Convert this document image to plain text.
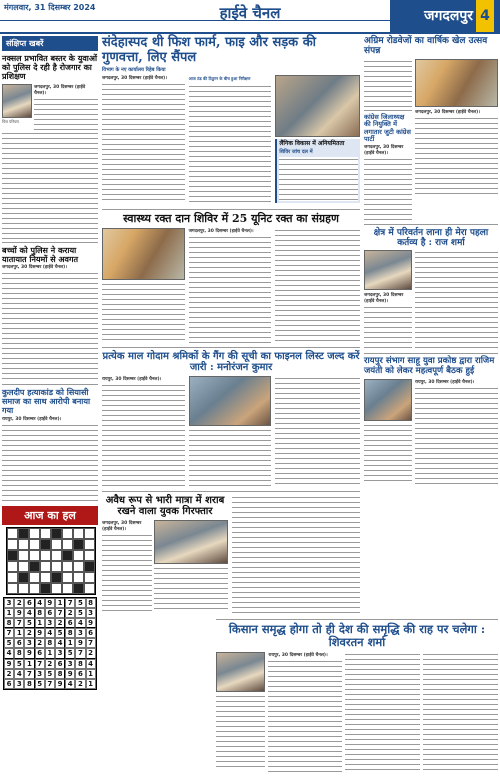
मंगलवार, 31 दिसम्बर 2024	हाईवे चैनल	जगदलपुर 4
संक्षिप्त खबरें
नक्सल प्रभावित बस्तर के युवाओं को पुलिस दे रही है रोजगार का प्रशिक्षण
चित्र परिचय
जगदलपुर, 30 दिसम्बर (हाईवे चैनल)।
बच्चों को पुलिस ने कराया यातायात नियमों से अवगत
जगदलपुर, 30 दिसम्बर (हाईवे चैनल)।
कुलदीप हत्याकांड को सियासी समाज का साथ आरोपी बनाया गया
रायपुर, 30 दिसम्बर (हाईवे चैनल)।
आज का हल
3 2 6 4 9 1 7 5 8
1 9 4 8 6 7 2 5 3
8 7 5 1 3 2 6 4 9
7 1 2 9 4 5 8 3 6
5 6 3 2 8 4 1 9 7
4 8 9 6 1 3 5 7 2
9 5 1 7 2 6 3 8 4
2 4 7 3 5 8 9 6 1
6 3 8 5 7 9 4 2 1
संदेहास्पद थी फिश फार्म, फाइ और सड़क की गुणवत्ता, लिए सैंपल
विभाग के नए कार्यालय रिहेब किया
जगदलपुर, 30 दिसम्बर (हाईवे चैनल)।	आज ठंड की ठिठुरन के बीच हुआ निरीक्षण
लैंगिक विकास में अनियमितता
शिविर जांच दल में
स्वास्थ्य रक्त दान शिविर में 25 यूनिट रक्त का संग्रहण
जगदलपुर, 30 दिसम्बर (हाईवे चैनल)।
प्रत्येक माल गोदाम श्रमिकों के गैंग की सूची का फाइनल लिस्ट जल्द करें जारी : मनोरंजन कुमार
रायपुर, 30 दिसम्बर (हाईवे चैनल)।
अवैध रूप से भारी मात्रा में शराब रखने वाला युवक गिरफ्तार
जगदलपुर, 30 दिसम्बर (हाईवे चैनल)।
अग्रिम रोडवेजों का वार्षिक खेल उत्सव संपन्न
कांग्रेस जिलाध्यक्ष की नियुक्ति में लगातार जुटी कांग्रेस पार्टी
जगदलपुर, 30 दिसम्बर (हाईवे चैनल)।
जगदलपुर, 30 दिसम्बर (हाईवे चैनल)।
क्षेत्र में परिवर्तन लाना ही मेरा पहला कर्तव्य है : राज शर्मा
जगदलपुर, 30 दिसम्बर (हाईवे चैनल)।
रायपुर संभाग साहू युवा प्रकोष्ठ द्वारा राजिम जयंती को लेकर महत्वपूर्ण बैठक हुई
रायपुर, 30 दिसम्बर (हाईवे चैनल)।
किसान समृद्ध होगा तो ही देश की समृद्धि की राह पर चलेगा : शिवरतन शर्मा
रायपुर, 30 दिसम्बर (हाईवे चैनल)।
